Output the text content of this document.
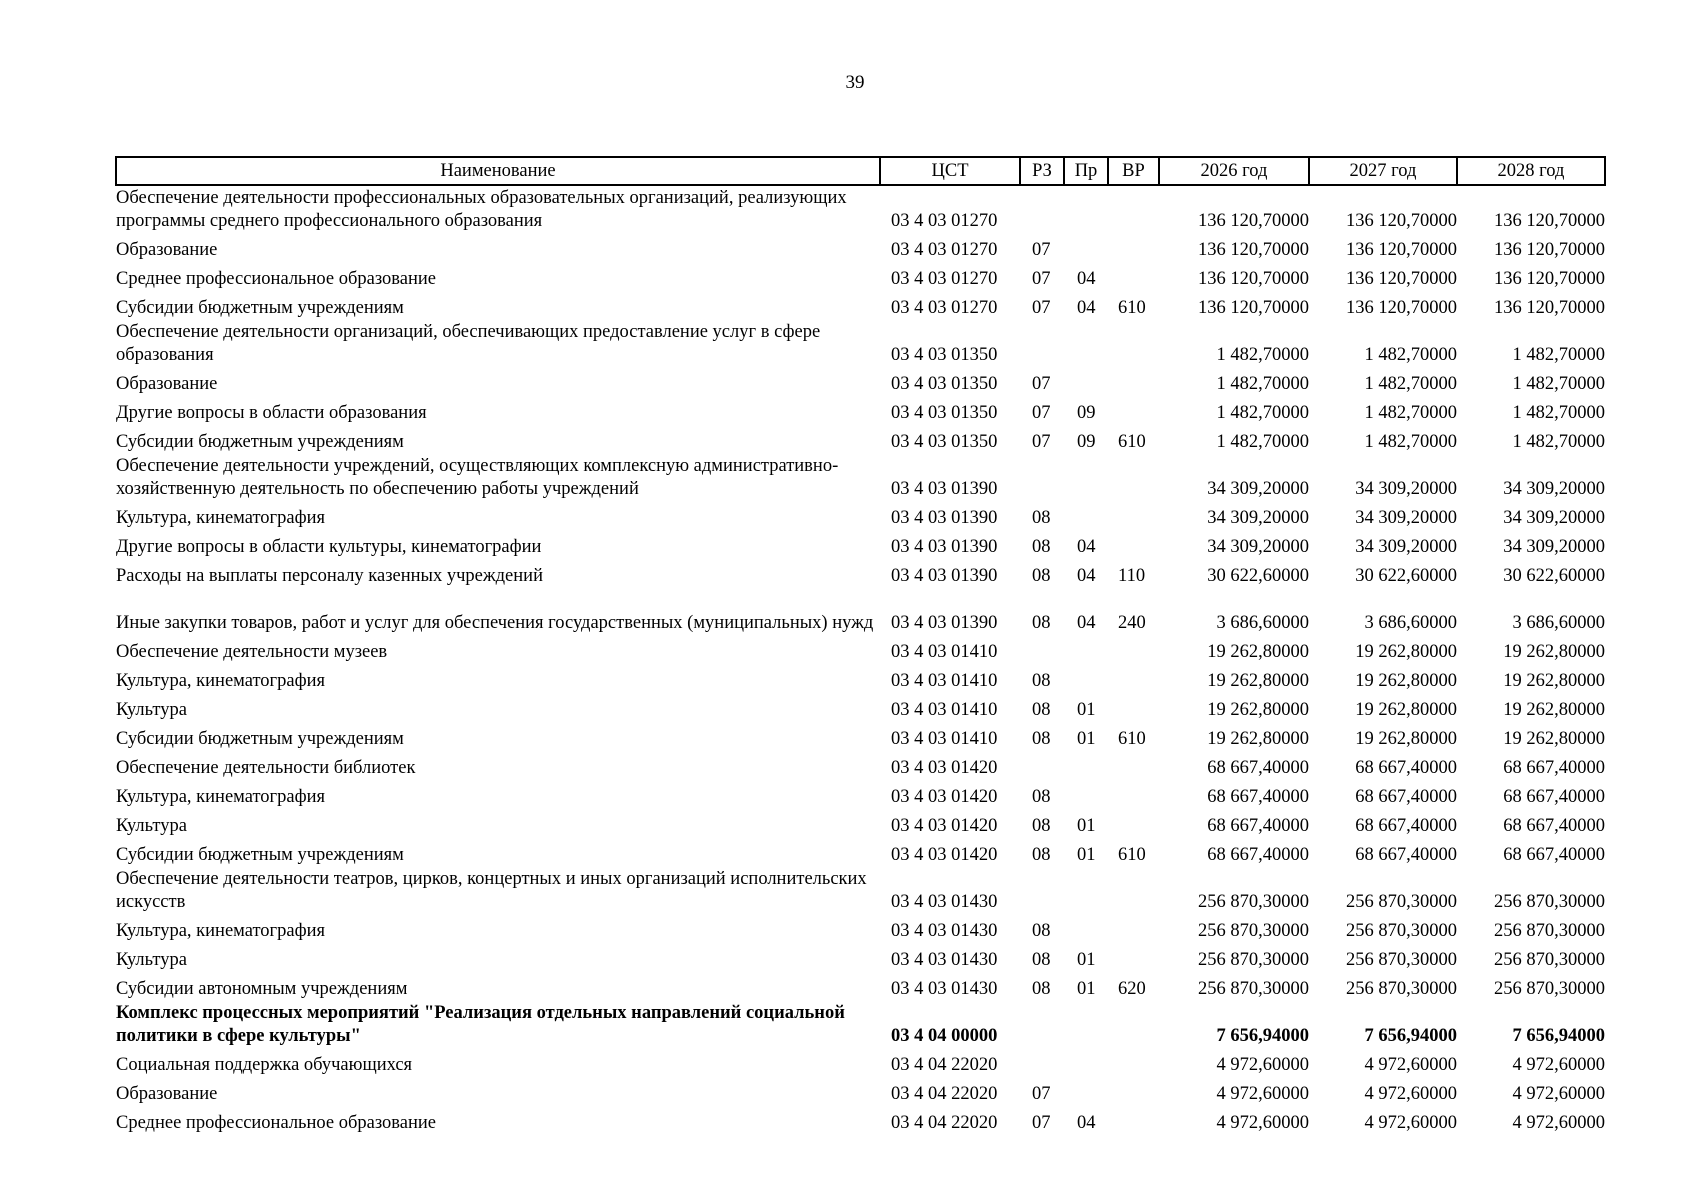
39
Наименование	ЦСТ	РЗ	Пр	ВР	2026 год	2027 год	2028 год
Обеспечение деятельности профессиональных образовательных организаций, реализующих программы среднего профессионального образования	03 4 03 01270				136 120,70000	136 120,70000	136 120,70000
Образование	03 4 03 01270	07			136 120,70000	136 120,70000	136 120,70000
Среднее профессиональное образование	03 4 03 01270	07	04		136 120,70000	136 120,70000	136 120,70000
Субсидии бюджетным учреждениям	03 4 03 01270	07	04	610	136 120,70000	136 120,70000	136 120,70000
Обеспечение деятельности организаций, обеспечивающих предоставление услуг в сфере образования	03 4 03 01350				1 482,70000	1 482,70000	1 482,70000
Образование	03 4 03 01350	07			1 482,70000	1 482,70000	1 482,70000
Другие вопросы в области образования	03 4 03 01350	07	09		1 482,70000	1 482,70000	1 482,70000
Субсидии бюджетным учреждениям	03 4 03 01350	07	09	610	1 482,70000	1 482,70000	1 482,70000
Обеспечение деятельности учреждений, осуществляющих комплексную административно-хозяйственную деятельность по обеспечению работы учреждений	03 4 03 01390				34 309,20000	34 309,20000	34 309,20000
Культура, кинематография	03 4 03 01390	08			34 309,20000	34 309,20000	34 309,20000
Другие вопросы в области культуры, кинематографии	03 4 03 01390	08	04		34 309,20000	34 309,20000	34 309,20000
Расходы на выплаты персоналу казенных учреждений	03 4 03 01390	08	04	110	30 622,60000	30 622,60000	30 622,60000
Иные закупки товаров, работ и услуг для обеспечения государственных (муниципальных) нужд	03 4 03 01390	08	04	240	3 686,60000	3 686,60000	3 686,60000
Обеспечение деятельности музеев	03 4 03 01410				19 262,80000	19 262,80000	19 262,80000
Культура, кинематография	03 4 03 01410	08			19 262,80000	19 262,80000	19 262,80000
Культура	03 4 03 01410	08	01		19 262,80000	19 262,80000	19 262,80000
Субсидии бюджетным учреждениям	03 4 03 01410	08	01	610	19 262,80000	19 262,80000	19 262,80000
Обеспечение деятельности библиотек	03 4 03 01420				68 667,40000	68 667,40000	68 667,40000
Культура, кинематография	03 4 03 01420	08			68 667,40000	68 667,40000	68 667,40000
Культура	03 4 03 01420	08	01		68 667,40000	68 667,40000	68 667,40000
Субсидии бюджетным учреждениям	03 4 03 01420	08	01	610	68 667,40000	68 667,40000	68 667,40000
Обеспечение деятельности театров, цирков, концертных и иных организаций исполнительских искусств	03 4 03 01430				256 870,30000	256 870,30000	256 870,30000
Культура, кинематография	03 4 03 01430	08			256 870,30000	256 870,30000	256 870,30000
Культура	03 4 03 01430	08	01		256 870,30000	256 870,30000	256 870,30000
Субсидии автономным учреждениям	03 4 03 01430	08	01	620	256 870,30000	256 870,30000	256 870,30000
Комплекс процессных мероприятий "Реализация отдельных направлений социальной политики в сфере культуры"	03 4 04 00000				7 656,94000	7 656,94000	7 656,94000
Социальная поддержка обучающихся	03 4 04 22020				4 972,60000	4 972,60000	4 972,60000
Образование	03 4 04 22020	07			4 972,60000	4 972,60000	4 972,60000
Среднее профессиональное образование	03 4 04 22020	07	04		4 972,60000	4 972,60000	4 972,60000
